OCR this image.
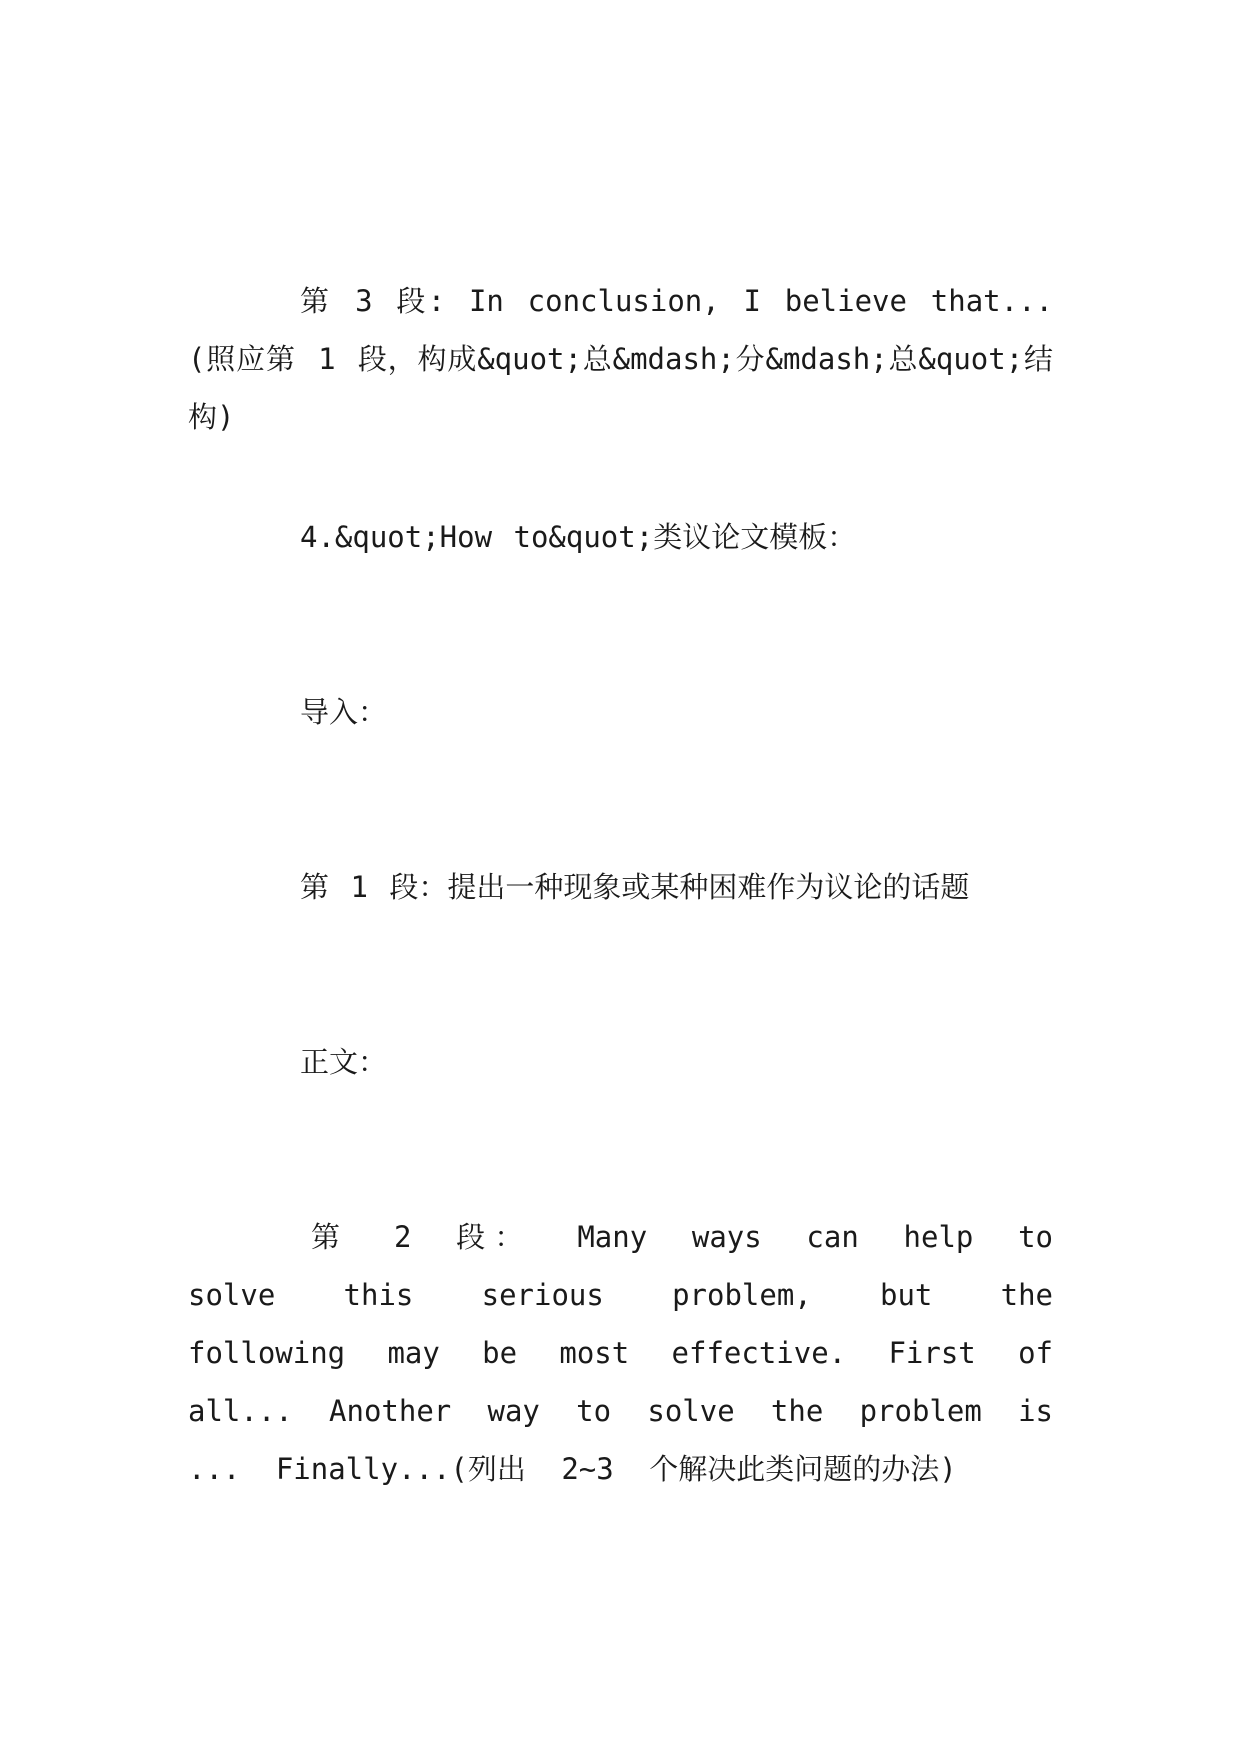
第 3 段: In conclusion, I believe that... (照应第 1 段，构成&quot;总&mdash;分&mdash;总&quot;结构)

4.&quot;How to&quot;类议论文模板：

导入：

第 1 段：提出一种现象或某种困难作为议论的话题

正文：

第 2 段： Many ways can help to solve this serious problem, but the following may be most effective. First of all... Another way to solve the problem is ... Finally...(列出 2~3 个解决此类问题的办法)
